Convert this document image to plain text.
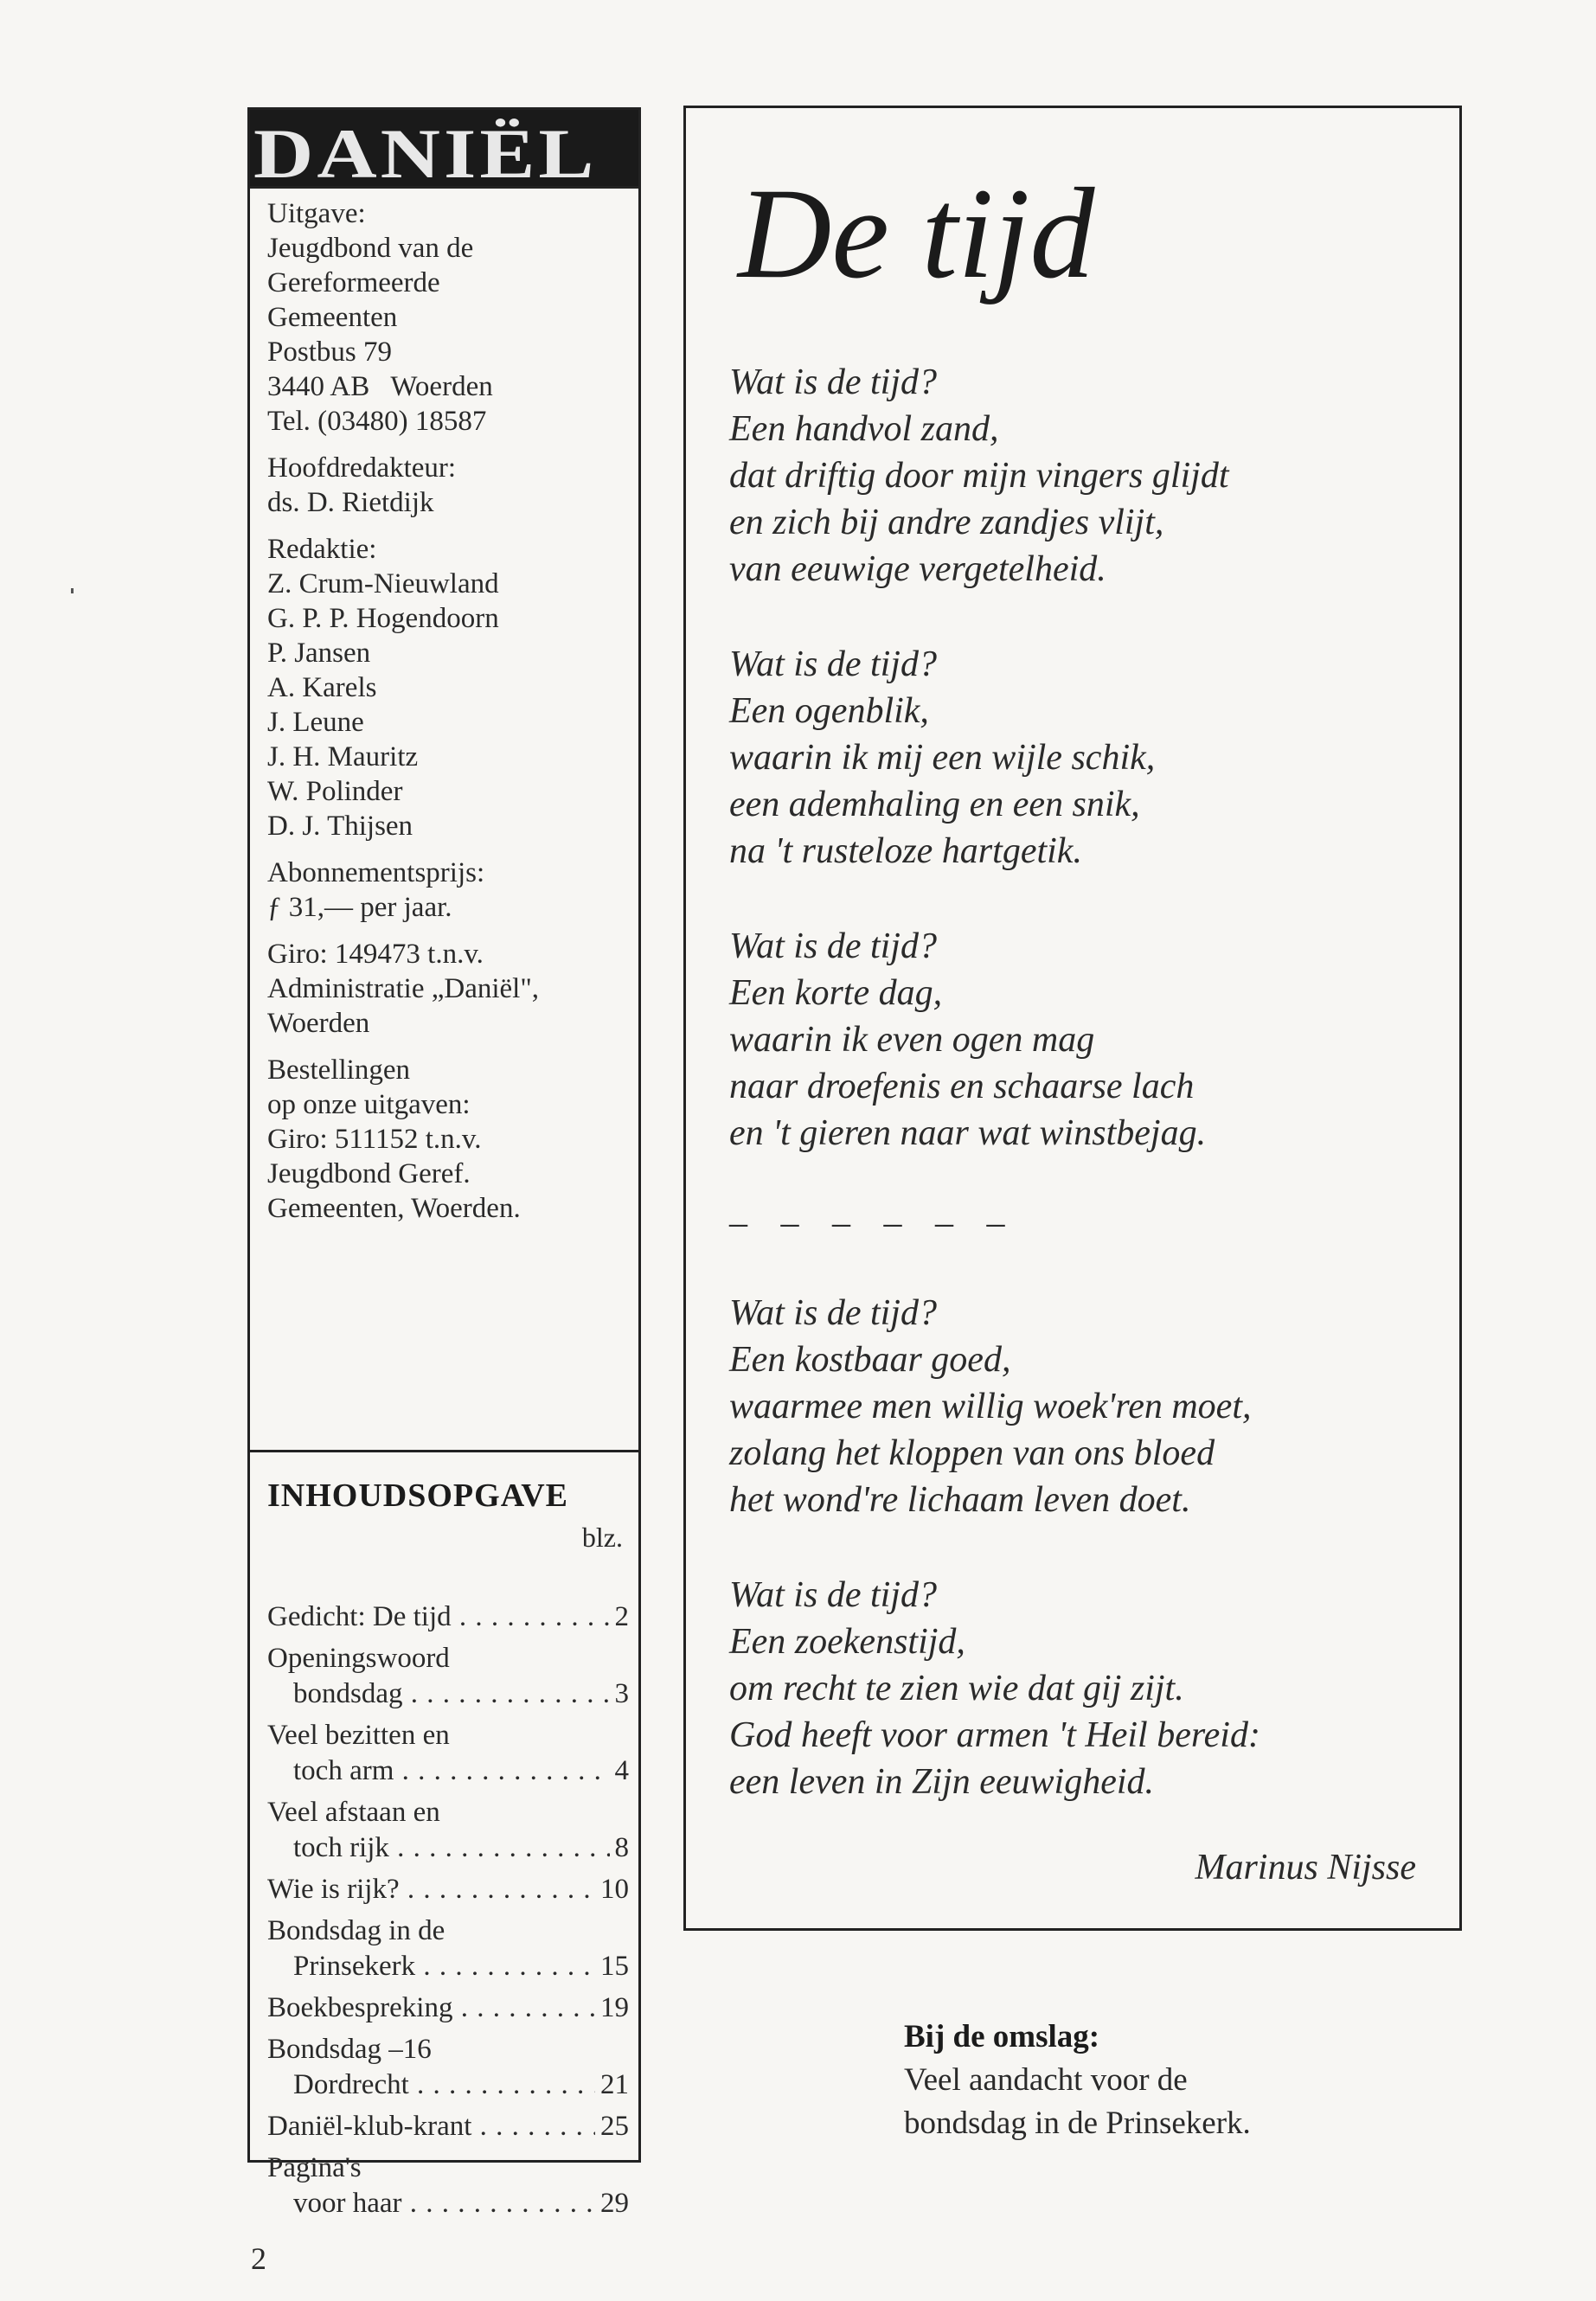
DANIËL
Uitgave:
Jeugdbond van de
Gereformeerde
Gemeenten
Postbus 79
3440 AB   Woerden
Tel. (03480) 18587
Hoofdredakteur:
ds. D. Rietdijk
Redaktie:
Z. Crum-Nieuwland
G. P. P. Hogendoorn
P. Jansen
A. Karels
J. Leune
J. H. Mauritz
W. Polinder
D. J. Thijsen
Abonnementsprijs:
ƒ 31,— per jaar.
Giro: 149473 t.n.v.
Administratie „Daniël",
Woerden
Bestellingen
op onze uitgaven:
Giro: 511152 t.n.v.
Jeugdbond Geref.
Gemeenten, Woerden.
INHOUDSOPGAVE
blz.
Gedicht: De tijd . . .	2
Openingswoord
bondsdag . . .	3
Veel bezitten en
toch arm . . .	4
Veel afstaan en
toch rijk . . .	8
Wie is rijk? . . .	10
Bondsdag in de
Prinsekerk . . .	15
Boekbespreking . . .	19
Bondsdag –16
Dordrecht . . .	21
Daniël-klub-krant . . .	25
Pagina's
voor haar . . .	29
De tijd
Wat is de tijd?
Een handvol zand,
dat driftig door mijn vingers glijdt
en zich bij andre zandjes vlijt,
van eeuwige vergetelheid.
Wat is de tijd?
Een ogenblik,
waarin ik mij een wijle schik,
een ademhaling en een snik,
na 't rusteloze hartgetik.
Wat is de tijd?
Een korte dag,
waarin ik even ogen mag
naar droefenis en schaarse lach
en 't gieren naar wat winstbejag.
– – – – – –
Wat is de tijd?
Een kostbaar goed,
waarmee men willig woek'ren moet,
zolang het kloppen van ons bloed
het wond're lichaam leven doet.
Wat is de tijd?
Een zoekenstijd,
om recht te zien wie dat gij zijt.
God heeft voor armen 't Heil bereid:
een leven in Zijn eeuwigheid.
Marinus Nijsse
Bij de omslag:
Veel aandacht voor de
bondsdag in de Prinsekerk.
2
